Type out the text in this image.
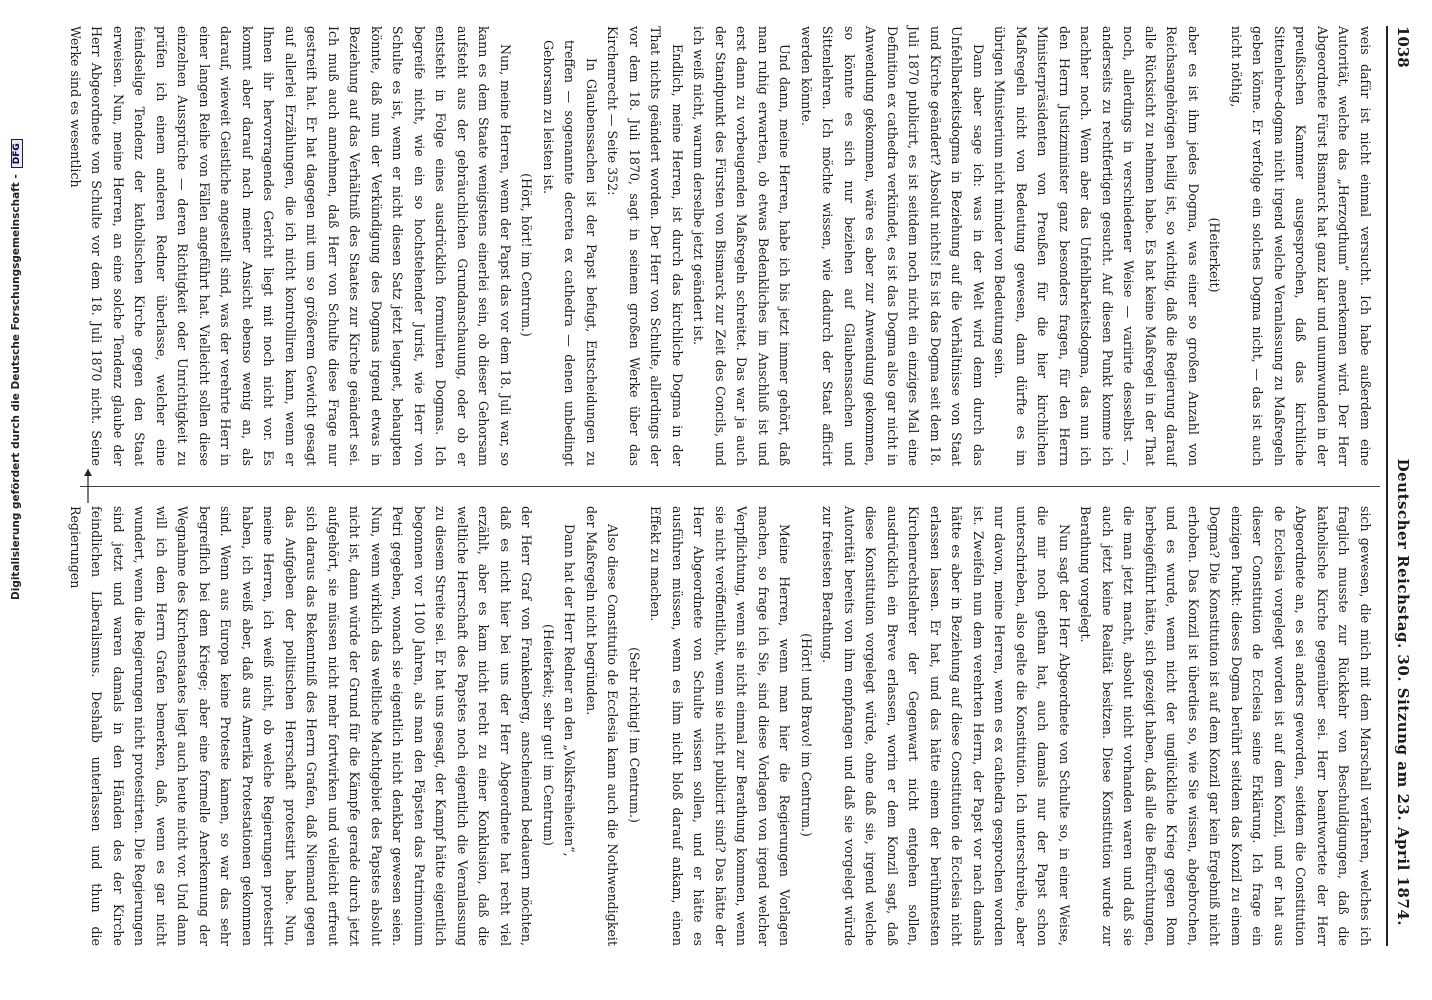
1038
Deutscher Reichstag. 30. Sitzung am 23. April 1874.

weis dafür ist nicht einmal versucht. Ich habe außerdem eine Autorität, welche das „Herzogthum“ anerkennen wird. Der Herr Abgeordnete Fürst Bismarck hat ganz klar und unumwunden in der preußischen Kammer ausgesprochen, daß das kirchliche Sittenlehre-dogma nicht irgend welche Veranlassung zu Maßregeln geben könne. Er verfolge ein solches Dogma nicht, — das ist auch nicht nöthig,

(Heiterkeit)

aber es ist ihm jedes Dogma, was einer so großen Anzahl von Reichsangehörigen heilig ist, so wichtig, daß die Regierung darauf alle Rücksicht zu nehmen habe. Es hat keine Maßregel in der That noch, allerdings in verschiedener Weise — variirte desselbst —, anderseits zu rechtfertigen gesucht. Auf diesen Punkt komme ich nachher noch. Wenn aber das Unfehlbarkeitsdogma, das nun ich den Herrn Justizminister ganz besonders fragen, für den Herrn Ministerpräsidenten von Preußen für die hier kirchlichen Maßregeln nicht von Bedeutung gewesen, dann dürfte es im übrigen Ministerium nicht minder von Bedeutung sein.

Dann aber sage ich: was in der Welt wird denn durch das Unfehlbarkeitsdogma in Beziehung auf die Verhältnisse von Staat und Kirche geändert? Absolut nichts! Es ist das Dogma seit dem 18. Juli 1870 publicirt, es ist seitdem noch nicht ein einziges Mal eine Definition ex cathedra verkündet, es ist das Dogma also gar nicht in Anwendung gekommen, wäre es aber zur Anwendung gekommen, so könnte es sich nur beziehen auf Glaubenssachen und Sittenlehren. Ich möchte wissen, wie dadurch der Staat afficirt werden könnte.

Und dann, meine Herren, habe ich bis jetzt immer gehört, daß man ruhig erwarten, ob etwas Bedenkliches im Anschluß ist und erst dann zu vorbeugenden Maßregeln schreitet. Das war ja auch der Standpunkt des Fürsten von Bismarck zur Zeit des Concils, und ich weiß nicht, warum derselbe jetzt geändert ist.

Endlich, meine Herren, ist durch das kirchliche Dogma in der That nichts geändert worden. Der Herr von Schulte, allerdings der vor dem 18. Juli 1870, sagt in seinem großen Werke über das Kirchenrecht — Seite 352:

In Glaubenssachen ist der Papst befugt, Entscheidungen zu treffen — sogenannte decreta ex cathedra — denen unbedingt Gehorsam zu leisten ist.

(Hört, hört! im Centrum.)

Nun, meine Herren, wenn der Papst das vor dem 18. Juli war, so kann es dem Staate wenigstens einerlei sein, ob dieser Gehorsam aufsteht aus der gebräuchlichen Grundanschauung, oder ob er entsteht in Folge eines ausdrücklich formulirten Dogmas. Ich begreife nicht, wie ein so hochstehender Jurist, wie Herr von Schulte es ist, wenn er nicht diesen Satz jetzt leugnet, behaupten könnte, daß nun der Verkündigung des Dogmas irgend etwas in Beziehung auf das Verhältniß des Staates zur Kirche geändert sei. Ich muß auch annehmen, daß Herr von Schulte diese Frage nur gestreift hat. Er hat dagegen mit um so größerem Gewicht gesagt auf allerlei Erzählungen, die ich nicht kontrolliren kann, wenn er Ihnen ihr hervorragendes Gericht liegt mit noch nicht vor. Es kommt aber darauf nach meiner Ansicht ebenso wenig an, als darauf, wieweit Geistliche angestellt sind, was der verehrte Herr in einer langen Reihe von Fällen angeführt hat. Vielleicht sollen diese einzelnen Aussprüche — deren Richtigkeit oder Unrichtigkeit zu prüfen ich einem anderen Redner überlasse, welcher eine feindselige Tendenz der katholischen Kirche gegen den Staat erweisen. Nun, meine Herren, an eine solche Tendenz glaube der Herr Abgeordnete von Schulte vor dem 18. Juli 1870 nicht. Seine Werke sind es wesentlich

sich gewesen, die mich mit dem Marschall verfahren, welches ich fraglich musste zur Rückkehr von Beschuldigungen, daß die katholische Kirche gegenüber sei. Herr beantwortete der Herr Abgeordnete an, es sei anders geworden, seitdem die Constitution de Ecclesia vorgelegt worden ist auf dem Konzil, und er hat aus dieser Constitution de Ecclesia seine Erklärung. Ich frage ein einzigen Punkt: dieses Dogma berührt seitdem das Konzil zu einem Dogma? Die Konstitution ist auf dem Konzil gar kein Ergebniß nicht erhoben. Das Konzil ist überdies so, wie Sie wissen, abgebrochen, und es wurde, wenn nicht der unglückliche Krieg gegen Rom herbeigeführt hätte, sich gezeigt haben, daß alle die Befürchtungen, die man jetzt macht, absolut nicht vorhanden waren und daß sie auch jetzt keine Realität besitzen. Diese Konstitution wurde zur Berathung vorgelegt.

Nun sagt der Herr Abgeordnete von Schulte so, in einer Weise, die mir noch gethan hat, auch damals nur der Papst schon unterschrieben, also gelte die Konstitution. Ich unterschreibe, aber nur davon, meine Herren, wenn es ex cathedra gesprochen worden ist. Zweifeln nun dem verehrten Herrn, der Papst vor nach damals hätte es aber in Beziehung auf diese Constitution de Ecclesia nicht erlassen lassen. Er hat, und das hätte einem der berühmtesten Kirchenrechtslehrer der Gegenwart nicht entgehen sollen, ausdrücklich ein Breve erlassen, worin er dem Konzil sagt, daß diese Konstitution vorgelegt würde, ohne daß sie, irgend welche Autorität bereits von ihm empfangen und daß sie vorgelegt würde zur freiesten Berathung.

(Hört! und Bravo! im Centrum.)

Meine Herren, wenn man hier die Regierungen Vorlagen machen, so frage ich Sie, sind diese Vorlagen von irgend welcher Verpflichtung, wenn sie nicht einmal zur Berathung kommen, wenn sie nicht veröffentlicht, wenn sie nicht publicirt sind? Das hätte der Herr Abgeordnete von Schulte wissen sollen, und er hätte es ausführen müssen, wenn es ihm nicht bloß darauf ankam, einen Effekt zu machen.

(Sehr richtig! im Centrum.)

Also diese Constitutio de Ecclesia kann auch die Nothwendigkeit der Maßregeln nicht begründen.

Dann hat der Herr Redner an den „Volksfreiheiten“,

(Heiterkeit; sehr gut! im Centrum)

der Herr Graf von Frankenberg, anscheinend bedauern möchten, daß es nicht hier bei uns der Herr Abgeordnete hat recht viel erzählt, aber es kam nicht recht zu einer Konklusion, daß die weltliche Herrschaft des Papstes noch eigentlich die Veranlassung zu diesem Streite sei. Er hat uns gesagt, der Kampf hätte eigentlich begonnen vor 1100 Jahren, als man den Päpsten das Patrimonium Petri gegeben, wonach sie eigentlich nicht denkbar gewesen seien. Nun, wenn wirklich das weltliche Machtgebiet des Papstes absolut nicht ist, dann würde der Grund für die Kämpfe gerade durch jetzt aufgehört, sie müssen nicht mehr fortwirken und vielleicht erfreut sich daraus das Bekenntniß des Herrn Grafen, daß Niemand gegen das Aufgeben der politischen Herrschaft protestirt habe. Nun, meine Herren, ich weiß nicht, ob welche Regierungen protestirt haben, ich weiß aber, daß aus Amerika Protestationen gekommen sind. Wenn aus Europa keine Proteste kamen, so war das sehr begreiflich bei dem Kriege; aber eine formelle Anerkennung der Wegnahme des Kirchenstaates liegt auch heute nicht vor. Und dann will ich dem Herrn Grafen bemerken, daß, wenn es gar nicht wundert, wenn die Regierungen nicht protestirten. Die Regierungen sind jetzt und waren damals in den Händen des der Kirche feindlichen Liberalismus. Deshalb unterlassen und thun die Regierungen

Digitalisierung gefördert durch die Deutsche Forschungsgemeinschaft -DFG
